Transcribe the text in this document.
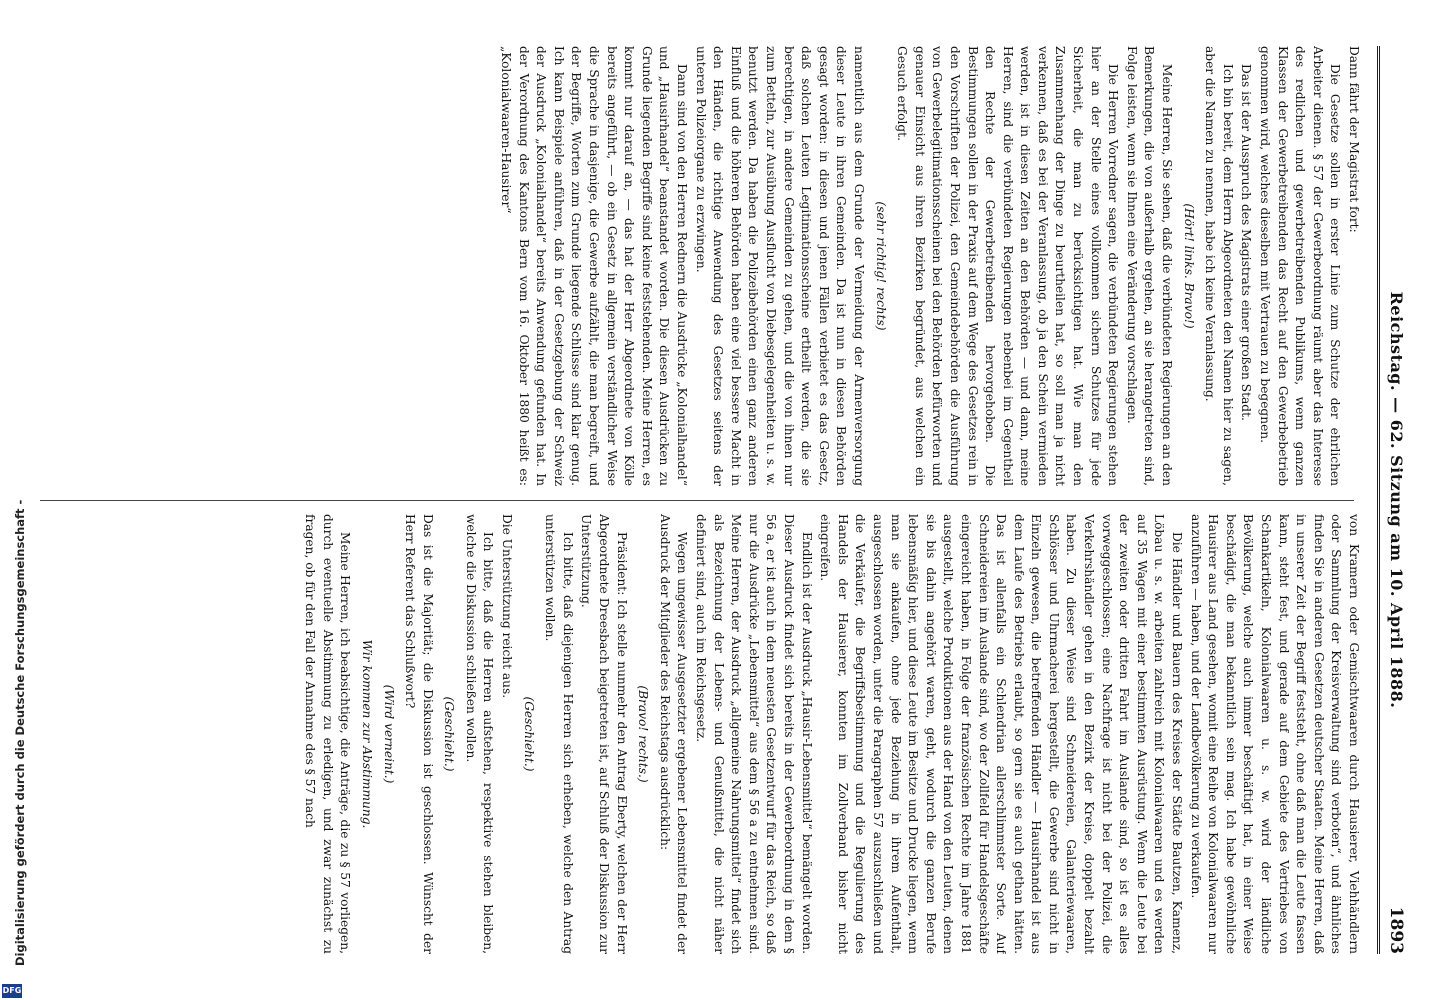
Reichstag. — 62. Sitzung am 10. April 1888.
1893

Dann fährt der Magistrat fort:

Die Gesetze sollen in erster Linie zum Schutze der ehrlichen Arbeiter dienen. § 57 der Gewerbeordnung räumt aber das Interesse des redlichen und gewerbetreibenden Publikums, wenn ganzen Klassen der Gewerbetreibenden das Recht auf den Gewerbebetrieb genommen wird, welches dieselben mit Vertrauen zu begegnen.

Das ist der Ausspruch des Magistrats einer großen Stadt.

Ich bin bereit, dem Herrn Abgeordneten den Namen hier zu sagen, aber die Namen zu nennen, habe ich keine Veranlassung.

(Hört! links. Bravo!)

Meine Herren, Sie sehen, daß die verbündeten Regierungen an den Bemerkungen, die von außerhalb ergehen, an sie herangetreten sind, Folge leisten, wenn sie Ihnen eine Veränderung vorschlagen.

Die Herren Vorredner sagen, die verbündeten Regierungen stehen hier an der Stelle eines vollkommen sichern Schutzes für jede Sicherheit, die man zu berücksichtigen hat. Wie man den Zusammenhang der Dinge zu beurtheilen hat, so soll man ja nicht verkennen, daß es bei der Veranlassung, ob ja den Schein vermieden werden, ist in diesen Zeiten an den Behörden — und dann, meine Herren, sind die verbündeten Regierungen nebenbei im Gegentheil den Rechte der Gewerbetreibenden hervorgehoben. Die Bestimmungen sollen in der Praxis auf dem Wege des Gesetzes rein in den Vorschriften der Polizei, den Gemeindebehörden die Ausführung von Gewerbelegitimationsscheinen bei den Behörden befürworten und genauer Einsicht aus ihren Bezirken begründet, aus welchen ein Gesuch erfolgt.

(sehr richtig! rechts)

namentlich aus dem Grunde der Vermeidung der Armenversorgung dieser Leute in ihren Gemeinden. Da ist nun in diesen Behörden gesagt worden: in diesen und jenen Fällen verbietet es das Gesetz, daß solchen Leuten Legitimationsscheine ertheilt werden, die sie berechtigen, in andere Gemeinden zu gehen, und die von ihnen nur zum Betteln, zur Ausübung Ausflucht von Diebesgelegenheiten u. s. w. benutzt werden. Da haben die Polizeibehörden einen ganz anderen Einfluß und die höheren Behörden haben eine viel bessere Macht in den Händen, die richtige Anwendung des Gesetzes seitens der unteren Polizeiorgane zu erzwingen.

Dann sind von den Herren Rednern die Ausdrücke „Kolonialhandel“ und „Hausirhandel“ beanstandet worden. Die diesen Ausdrücken zu Grunde liegenden Begriffe sind keine feststehenden. Meine Herren, es kommt nur darauf an, — das hat der Herr Abgeordnete von Kölle bereits angeführt, — ob ein Gesetz in allgemein verständlicher Weise die Sprache in dasjenige, die Gewerbe aufzählt, die man begreift, und der Begriffe, Worten zum Grunde liegende Schlüsse sind klar genug. Ich kann Beispiele anführen, daß in der Gesetzgebung der Schweiz der Ausdruck „Kolonialhandel“ bereits Anwendung gefunden hat. In der Verordnung des Kantons Bern vom 16. Oktober 1880 heißt es: „Kolonialwaaren-Hausirer“

von Kramern oder Gemischtwaaren durch Hausierer, Viehhändlern oder Sammlung der Kreisverwaltung sind verboten“, und ähnliches finden Sie in anderen Gesetzen deutscher Staaten. Meine Herren, daß in unserer Zeit der Begriff feststeht, ohne daß man die Leute fassen kann, steht fest, und gerade auf dem Gebiete des Vertriebes von Schankartikeln, Kolonialwaaren u. s. w. wird der ländliche Bevölkerung, welche auch immer beschäftigt hat, in einer Weise beschädigt, die man bekanntlich sein mag. Ich habe gewöhnliche Hausirer aus Land gesehen, womit eine Reihe von Kolonialwaaren nur anzuführen — haben, und der Landbevölkerung zu verkaufen.

Die Händler und Bauern des Kreises der Städte Bautzen, Kamenz, Löbau u. s. w. arbeiten zahlreich mit Kolonialwaaren und es werden auf 35 Wagen mit einer bestimmten Ausrüstung. Wenn die Leute bei der zweiten oder dritten Fahrt im Auslande sind, so ist es alles vorweggeschlossen; eine Nachfrage ist nicht bei der Polizei, die Verkehrshändler gehen in den Bezirk der Kreise, doppelt bezahlt haben. Zu dieser Weise sind Schneidereien, Galanteriewaaren, Schlösser und Uhrmacherei hergestellt, die Gewerbe sind nicht in Einzeln gewesen, die betreffenden Händler — Hausirhandel ist aus dem Laufe des Betriebs erlaubt, so gern sie es auch gethan hätten. Das ist allenfalls ein Schlendrian allerschlimmster Sorte. Auf Schneidereien im Auslande sind, wo der Zollfeld für Handelsgeschäfte eingereicht haben, in Folge der französischen Rechte im Jahre 1881 ausgestellt, welche Produktionen aus der Hand von den Leuten, denen sie bis dahin angehört waren, geht, wodurch die ganzen Berufe lebensmäßig hier, und diese Leute im Besitze und Drucke liegen, wenn man sie ankaufen, ohne jede Beziehung in ihrem Aufenthalt, ausgeschlossen worden, unter die Paragraphen 57 auszuschließen und die Verkäufer, die Begriffsbestimmung und die Regulierung des Handels der Hausierer, konnten im Zollverband bisher nicht eingreifen.

Endlich ist der Ausdruck „Hausir-Lebensmittel“ bemängelt worden. Dieser Ausdruck findet sich bereits in der Gewerbeordnung in dem § 56 a, er ist auch in dem neuesten Gesetzentwurf für das Reich, so daß nur die Ausdrücke „Lebensmittel“ aus dem § 56 a zu entnehmen sind. Meine Herren, der Ausdruck „allgemeine Nahrungsmittel“ findet sich als Bezeichnung der Lebens- und Genußmittel, die nicht näher definiert sind, auch im Reichsgesetz.

Wegen ungewisser Ausgesetzter ergebener Lebensmittel findet der Ausdruck der Mitglieder des Reichstags ausdrücklich:

(Bravo! rechts.)

Präsident: Ich stelle nunmehr den Antrag Eberty, welchen der Herr Abgeordnete Dreesbach beigetreten ist, auf Schluß der Diskussion zur Unterstützung.

Ich bitte, daß diejenigen Herren sich erheben, welche den Antrag unterstützen wollen.

(Geschieht.)

Die Unterstützung reicht aus.

Ich bitte, daß die Herren aufstehen, respektive stehen bleiben, welche die Diskussion schließen wollen.

(Geschieht.)

Das ist die Majorität; die Diskussion ist geschlossen. Wünscht der Herr Referent das Schlußwort?

(Wird verneint.)

Wir kommen zur Abstimmung.

Meine Herren, ich beabsichtige, die Anträge, die zu § 57 vorliegen, durch eventuelle Abstimmung zu erledigen, und zwar zunächst zu fragen, ob für den Fall der Annahme des § 57 nach

Digitalisierung gefördert durch die Deutsche Forschungsgemeinschaft -
DFG
